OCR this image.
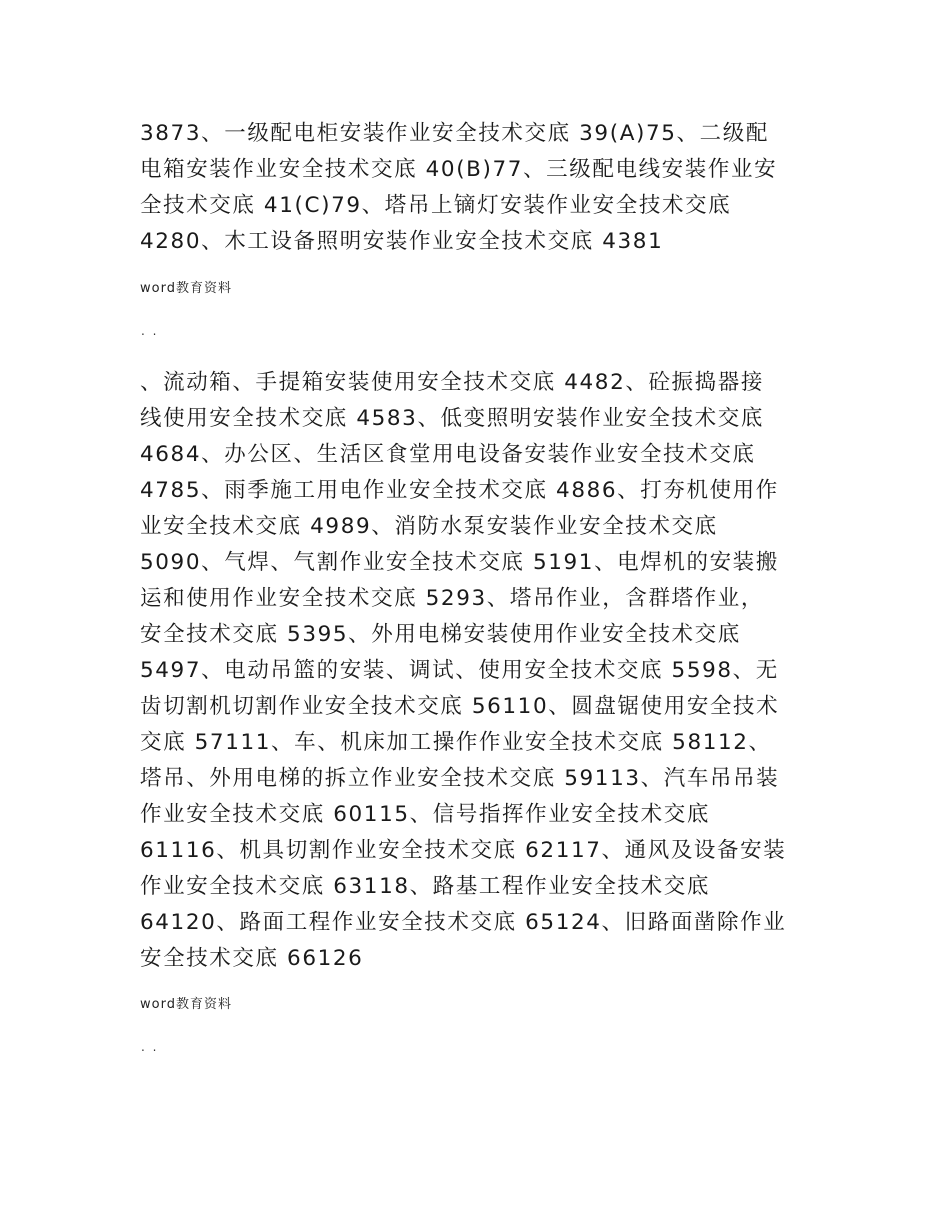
3873、一级配电柜安装作业安全技术交底 39(A)75、二级配
电箱安装作业安全技术交底 40(B)77、三级配电线安装作业安
全技术交底 41(C)79、塔吊上镝灯安装作业安全技术交底
4280、木工设备照明安装作业安全技术交底 4381
word教育资料
. .
、流动箱、手提箱安装使用安全技术交底 4482、砼振捣器接
线使用安全技术交底 4583、低变照明安装作业安全技术交底
4684、办公区、生活区食堂用电设备安装作业安全技术交底
4785、雨季施工用电作业安全技术交底 4886、打夯机使用作
业安全技术交底 4989、消防水泵安装作业安全技术交底
5090、气焊、气割作业安全技术交底 5191、电焊机的安装搬
运和使用作业安全技术交底 5293、塔吊作业，含群塔作业，
安全技术交底 5395、外用电梯安装使用作业安全技术交底
5497、电动吊篮的安装、调试、使用安全技术交底 5598、无
齿切割机切割作业安全技术交底 56110、圆盘锯使用安全技术
交底 57111、车、机床加工操作作业安全技术交底 58112、
塔吊、外用电梯的拆立作业安全技术交底 59113、汽车吊吊装
作业安全技术交底 60115、信号指挥作业安全技术交底
61116、机具切割作业安全技术交底 62117、通风及设备安装
作业安全技术交底 63118、路基工程作业安全技术交底
64120、路面工程作业安全技术交底 65124、旧路面凿除作业
安全技术交底 66126
word教育资料
. .
